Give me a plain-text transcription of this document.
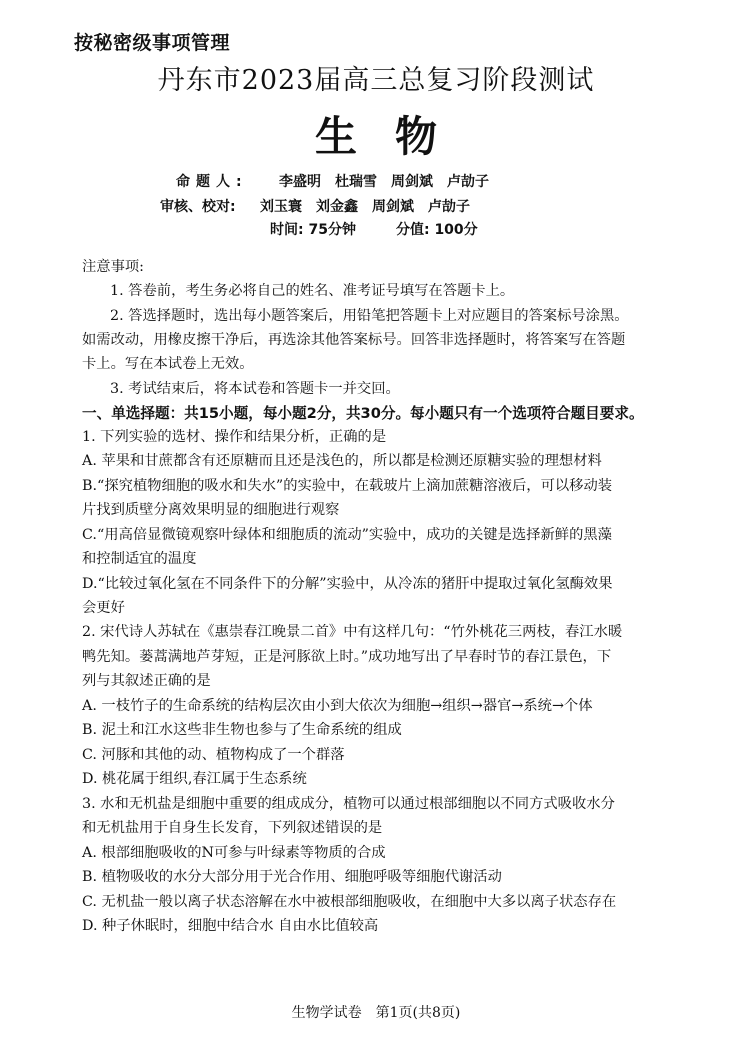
按秘密级事项管理
丹东市2023届高三总复习阶段测试
生物
命题人: 李盛明　杜瑞雪　周剑斌　卢劼子
审核、校对: 刘玉寰　刘金鑫　周剑斌　卢劼子
时间: 75分钟	分值: 100分
注意事项:
1. 答卷前，考生务必将自己的姓名、准考证号填写在答题卡上。
2. 答选择题时，选出每小题答案后，用铅笔把答题卡上对应题目的答案标号涂黑。
如需改动，用橡皮擦干净后，再选涂其他答案标号。回答非选择题时，将答案写在答题
卡上。写在本试卷上无效。
3. 考试结束后，将本试卷和答题卡一并交回。
一、单选择题：共15小题，每小题2分，共30分。每小题只有一个选项符合题目要求。
1. 下列实验的选材、操作和结果分析，正确的是
A. 苹果和甘蔗都含有还原糖而且还是浅色的，所以都是检测还原糖实验的理想材料
B.“探究植物细胞的吸水和失水”的实验中，在载玻片上滴加蔗糖溶液后，可以移动装
片找到质壁分离效果明显的细胞进行观察
C.“用高倍显微镜观察叶绿体和细胞质的流动”实验中，成功的关键是选择新鲜的黑藻
和控制适宜的温度
D.“比较过氧化氢在不同条件下的分解”实验中，从冷冻的猪肝中提取过氧化氢酶效果
会更好
2. 宋代诗人苏轼在《惠崇春江晚景二首》中有这样几句：“竹外桃花三两枝，春江水暖
鸭先知。蒌蒿满地芦芽短，正是河豚欲上时。”成功地写出了早春时节的春江景色，下
列与其叙述正确的是
A. 一枝竹子的生命系统的结构层次由小到大依次为细胞→组织→器官→系统→个体
B. 泥土和江水这些非生物也参与了生命系统的组成
C. 河豚和其他的动、植物构成了一个群落
D. 桃花属于组织,春江属于生态系统
3. 水和无机盐是细胞中重要的组成成分，植物可以通过根部细胞以不同方式吸收水分
和无机盐用于自身生长发育，下列叙述错误的是
A. 根部细胞吸收的N可参与叶绿素等物质的合成
B. 植物吸收的水分大部分用于光合作用、细胞呼吸等细胞代谢活动
C. 无机盐一般以离子状态溶解在水中被根部细胞吸收，在细胞中大多以离子状态存在
D. 种子休眠时，细胞中结合水 自由水比值较高
生物学试卷　第1页(共8页)
